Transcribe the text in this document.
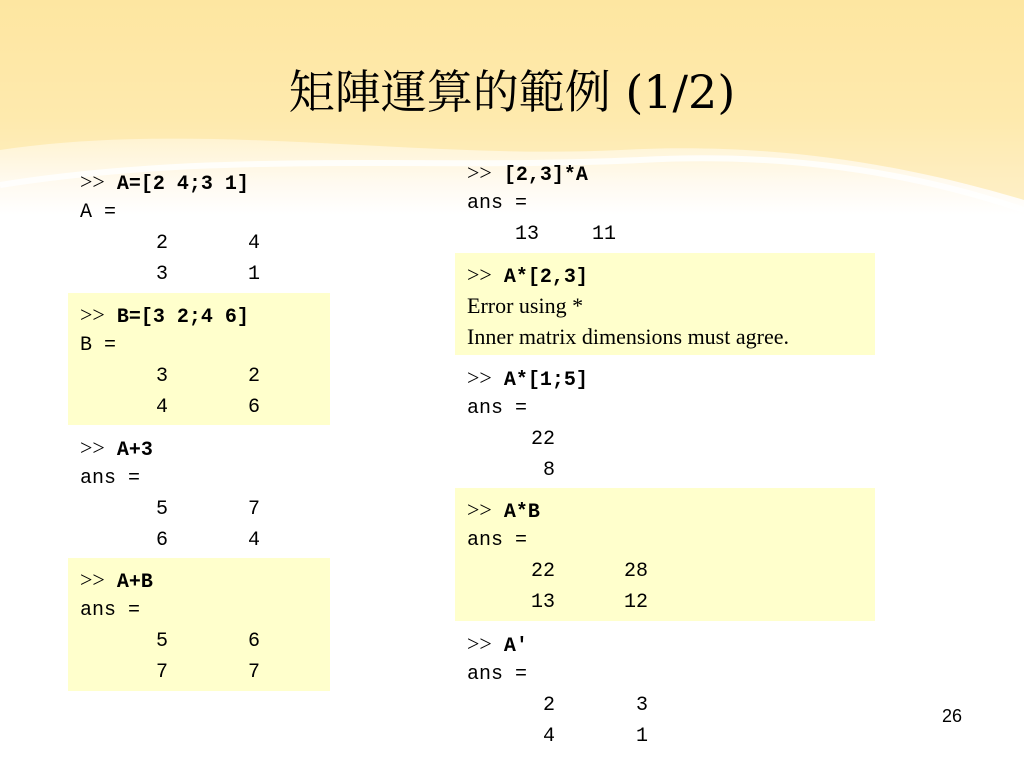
矩陣運算的範例 (1/2)
>> A=[2 4;3 1]
A =
2	4
3	1
>> B=[3 2;4 6]
B =
3	2
4	6
>> A+3
ans =
5	7
6	4
>> A+B
ans =
5	6
7	7
>> [2,3]*A
ans =
13	11
>> A*[2,3]
Error using *
Inner matrix dimensions must agree.
>> A*[1;5]
ans =
22
8
>> A*B
ans =
22	28
13	12
>> A'
ans =
2	3
4	1
26
